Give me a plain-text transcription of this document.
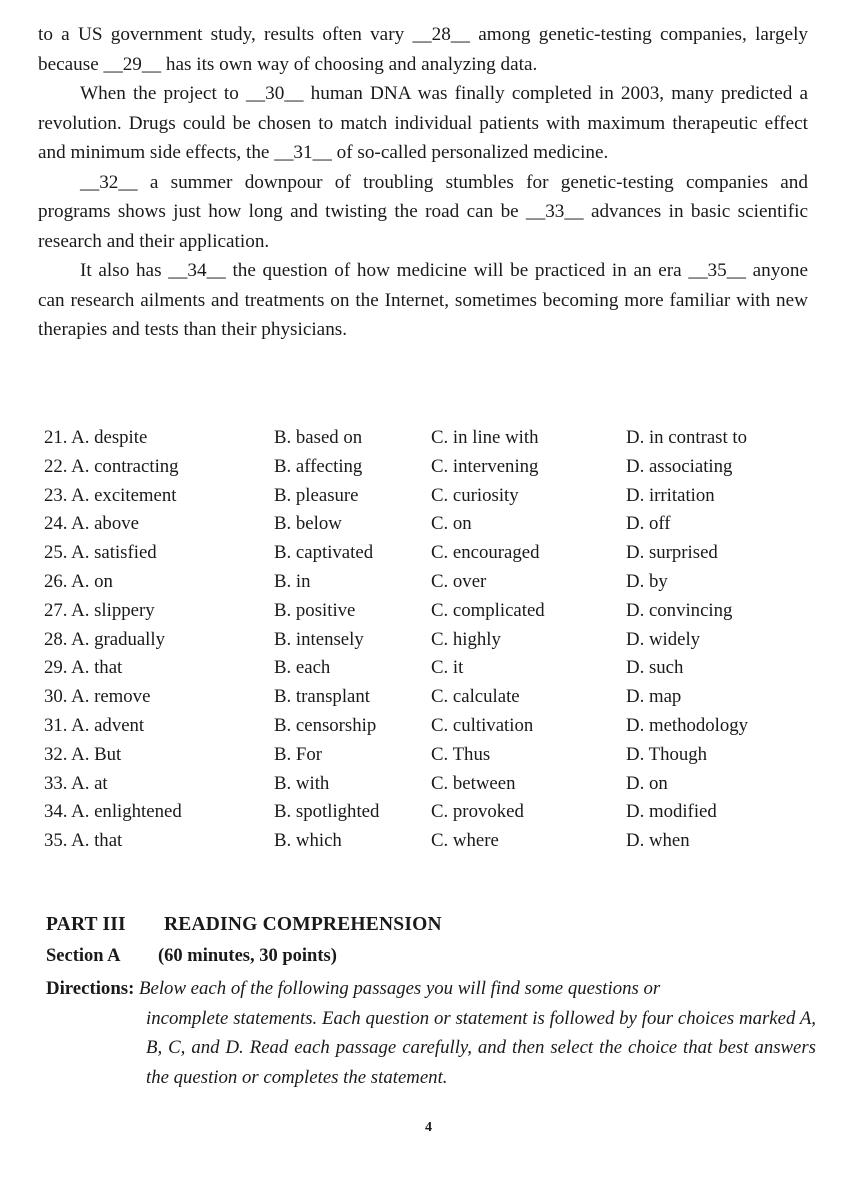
to a US government study, results often vary __28__ among genetic-testing companies, largely because __29__ has its own way of choosing and analyzing data.

When the project to __30__ human DNA was finally completed in 2003, many predicted a revolution. Drugs could be chosen to match individual patients with maximum therapeutic effect and minimum side effects, the __31__ of so-called personalized medicine.

__32__ a summer downpour of troubling stumbles for genetic-testing companies and programs shows just how long and twisting the road can be __33__ advances in basic scientific research and their application.

It also has __34__ the question of how medicine will be practiced in an era __35__ anyone can research ailments and treatments on the Internet, sometimes becoming more familiar with new therapies and tests than their physicians.

21. A. despite	B. based on	C. in line with	D. in contrast to
22. A. contracting	B. affecting	C. intervening	D. associating
23. A. excitement	B. pleasure	C. curiosity	D. irritation
24. A. above	B. below	C. on	D. off
25. A. satisfied	B. captivated	C. encouraged	D. surprised
26. A. on	B. in	C. over	D. by
27. A. slippery	B. positive	C. complicated	D. convincing
28. A. gradually	B. intensely	C. highly	D. widely
29. A. that	B. each	C. it	D. such
30. A. remove	B. transplant	C. calculate	D. map
31. A. advent	B. censorship	C. cultivation	D. methodology
32. A. But	B. For	C. Thus	D. Though
33. A. at	B. with	C. between	D. on
34. A. enlightened	B. spotlighted	C. provoked	D. modified
35. A. that	B. which	C. where	D. when
PART III READING COMPREHENSION
Section A (60 minutes, 30 points)
Directions: Below each of the following passages you will find some questions or
incomplete statements. Each question or statement is followed by four choices marked A, B, C, and D. Read each passage carefully, and then select the choice that best answers the question or completes the statement.
4
